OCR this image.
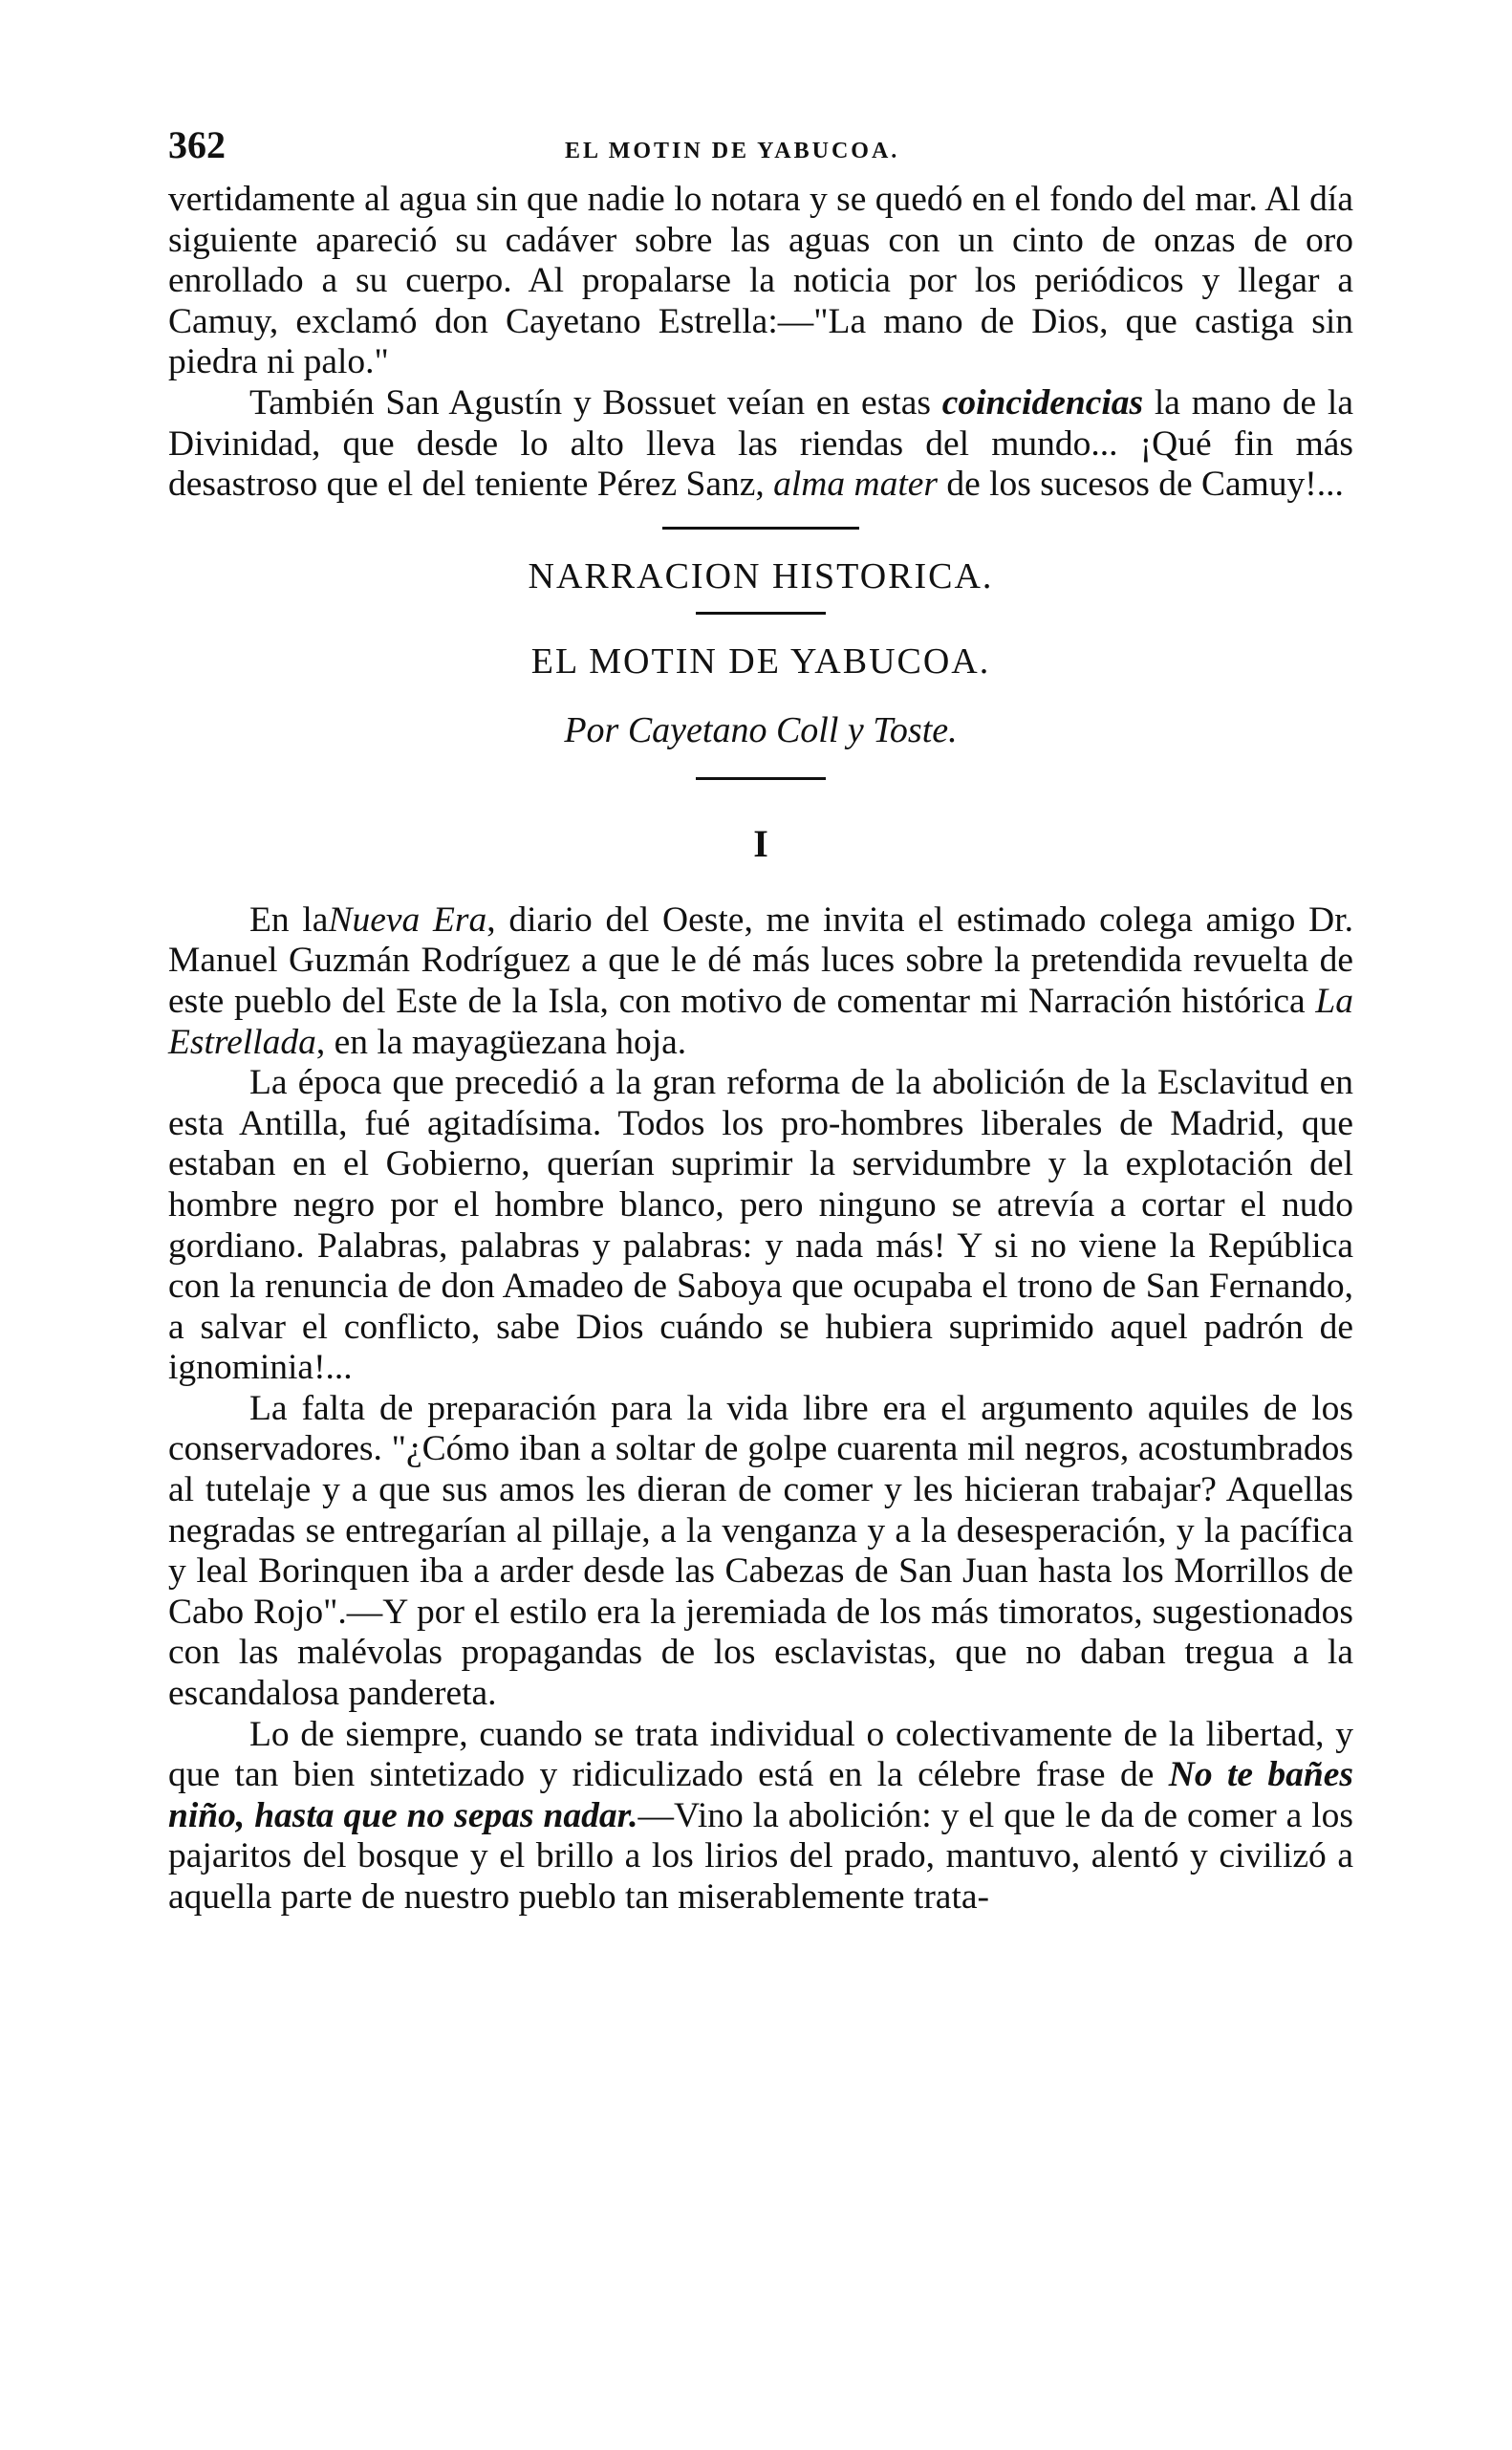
362	EL MOTIN DE YABUCOA.

vertidamente al agua sin que nadie lo notara y se quedó en el fondo del mar. Al día siguiente apareció su cadáver sobre las aguas con un cinto de onzas de oro enrollado a su cuerpo. Al propalarse la noticia por los periódicos y llegar a Camuy, exclamó don Cayetano Estrella:—"La mano de Dios, que castiga sin piedra ni palo."

También San Agustín y Bossuet veían en estas coincidencias la mano de la Divinidad, que desde lo alto lleva las riendas del mundo... ¡Qué fin más desastroso que el del teniente Pérez Sanz, alma mater de los sucesos de Camuy!...

NARRACION HISTORICA.
EL MOTIN DE YABUCOA.
Por Cayetano Coll y Toste.
I

En laNueva Era, diario del Oeste, me invita el estimado colega amigo Dr. Manuel Guzmán Rodríguez a que le dé más luces sobre la pretendida revuelta de este pueblo del Este de la Isla, con motivo de comentar mi Narración histórica La Estrellada, en la mayagüezana hoja.

La época que precedió a la gran reforma de la abolición de la Esclavitud en esta Antilla, fué agitadísima. Todos los pro-hombres liberales de Madrid, que estaban en el Gobierno, querían suprimir la servidumbre y la explotación del hombre negro por el hombre blanco, pero ninguno se atrevía a cortar el nudo gordiano. Palabras, palabras y palabras: y nada más! Y si no viene la República con la renuncia de don Amadeo de Saboya que ocupaba el trono de San Fernando, a salvar el conflicto, sabe Dios cuándo se hubiera suprimido aquel padrón de ignominia!...

La falta de preparación para la vida libre era el argumento aquiles de los conservadores. "¿Cómo iban a soltar de golpe cuarenta mil negros, acostumbrados al tutelaje y a que sus amos les dieran de comer y les hicieran trabajar? Aquellas negradas se entregarían al pillaje, a la venganza y a la desesperación, y la pacífica y leal Borinquen iba a arder desde las Cabezas de San Juan hasta los Morrillos de Cabo Rojo".—Y por el estilo era la jeremiada de los más timoratos, sugestionados con las malévolas propagandas de los esclavistas, que no daban tregua a la escandalosa pandereta.

Lo de siempre, cuando se trata individual o colectivamente de la libertad, y que tan bien sintetizado y ridiculizado está en la célebre frase de No te bañes niño, hasta que no sepas nadar.—Vino la abolición: y el que le da de comer a los pajaritos del bosque y el brillo a los lirios del prado, mantuvo, alentó y civilizó a aquella parte de nuestro pueblo tan miserablemente trata-
